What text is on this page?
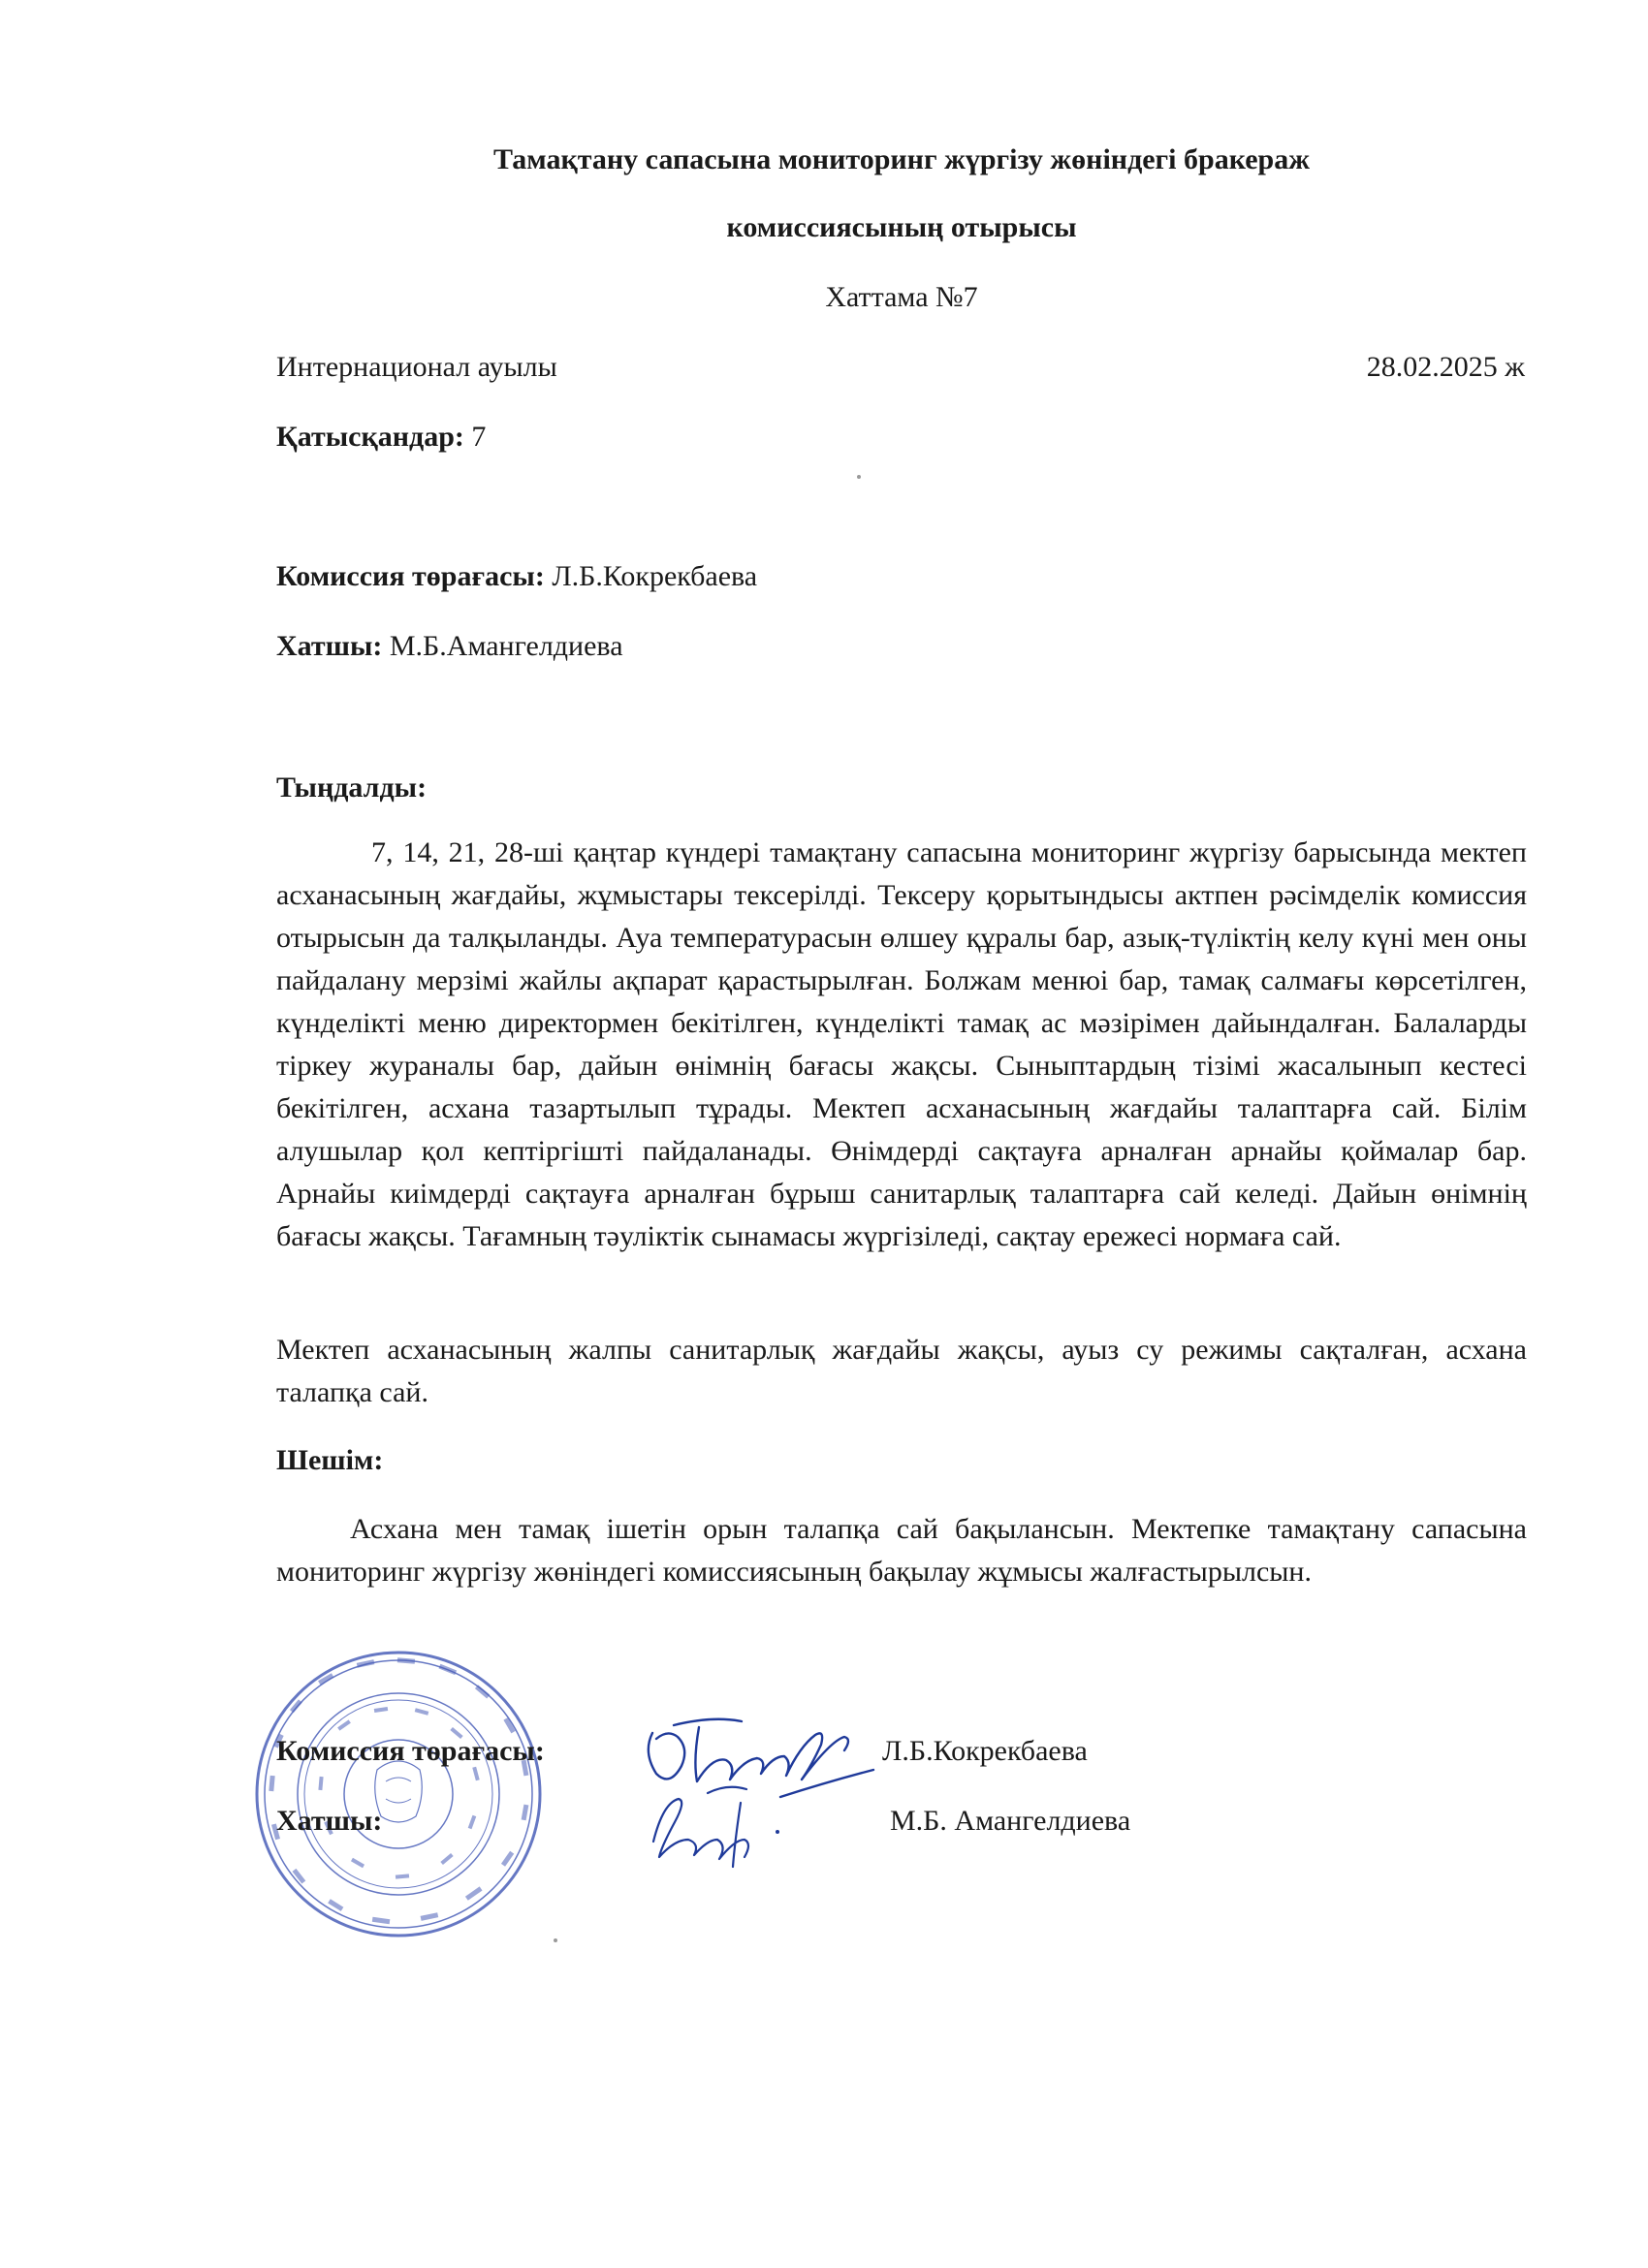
Тамақтану сапасына мониторинг жүргізу жөніндегі бракераж
комиссиясының отырысы
Хаттама №7
Интернационал ауылы	28.02.2025 ж
Қатысқандар: 7
Комиссия төрағасы: Л.Б.Кокрекбаева
Хатшы: М.Б.Амангелдиева
Тыңдалды:
7, 14, 21, 28-ші қаңтар күндері тамақтану сапасына мониторинг жүргізу барысында мектеп асханасының жағдайы, жұмыстары тексерілді. Тексеру қорытындысы актпен рәсімделік комиссия отырысын да талқыланды. Ауа температурасын өлшеу құралы бар, азық-түліктің келу күні мен оны пайдалану мерзімі жайлы ақпарат қарастырылған. Болжам менюі бар, тамақ салмағы көрсетілген, күнделікті меню директормен бекітілген, күнделікті тамақ ас мәзірімен дайындалған. Балаларды тіркеу жураналы бар, дайын өнімнің бағасы жақсы. Сыныптардың тізімі жасалынып кестесі бекітілген, асхана тазартылып тұрады. Мектеп асханасының жағдайы талаптарға сай. Білім алушылар қол кептіргішті пайдаланады. Өнімдерді сақтауға арналған арнайы қоймалар бар. Арнайы киімдерді сақтауға арналған бұрыш санитарлық талаптарға сай келеді. Дайын өнімнің бағасы жақсы. Тағамның тәуліктік сынамасы жүргізіледі, сақтау ережесі нормаға сай.
Мектеп асханасының жалпы санитарлық жағдайы жақсы, ауыз су режимы сақталған, асхана талапқа сай.
Шешім:
Асхана мен тамақ ішетін орын талапқа сай бақылансын. Мектепке тамақтану сапасына мониторинг жүргізу жөніндегі комиссиясының бақылау жұмысы жалғастырылсын.
Комиссия төрағасы:	Л.Б.Кокрекбаева
Хатшы:	М.Б. Амангелдиева
